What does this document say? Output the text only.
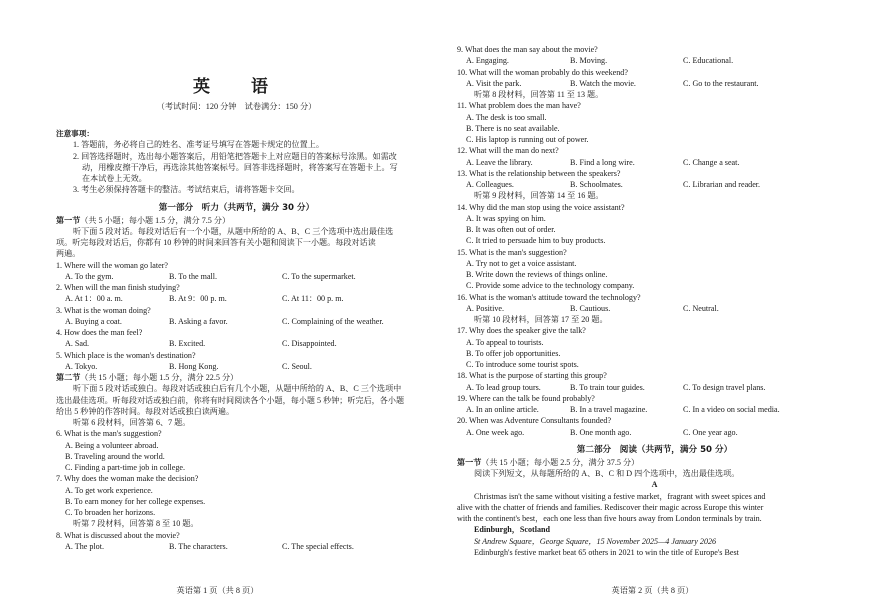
英　语
（考试时间：120 分钟　试卷满分：150 分）
注意事项：
1. 答题前，务必将自己的姓名、准考证号填写在答题卡规定的位置上。
2. 回答选择题时，选出每小题答案后，用铅笔把答题卡上对应题目的答案标号涂黑。如需改
动，用橡皮擦干净后，再选涂其他答案标号。回答非选择题时，将答案写在答题卡上。写
在本试卷上无效。
3. 考生必须保持答题卡的整洁。考试结束后，请将答题卡交回。
第一部分　听力（共两节，满分 30 分）
第一节（共 5 小题；每小题 1.5 分，满分 7.5 分）
听下面 5 段对话。每段对话后有一个小题，从题中所给的 A、B、C 三个选项中选出最佳选
项。听完每段对话后，你都有 10 秒钟的时间来回答有关小题和阅读下一小题。每段对话读
两遍。
1. Where will the woman go later?
A. To the gym.	B. To the mall.	C. To the supermarket.
2. When will the man finish studying?
A. At 1：00 a. m.	B. At 9：00 p. m.	C. At 11：00 p. m.
3. What is the woman doing?
A. Buying a coat.	B. Asking a favor.	C. Complaining of the weather.
4. How does the man feel?
A. Sad.	B. Excited.	C. Disappointed.
5. Which place is the woman's destination?
A. Tokyo.	B. Hong Kong.	C. Seoul.
第二节（共 15 小题；每小题 1.5 分，满分 22.5 分）
听下面 5 段对话或独白。每段对话或独白后有几个小题，从题中所给的 A、B、C 三个选项中
选出最佳选项。听每段对话或独白前，你将有时间阅读各个小题，每小题 5 秒钟；听完后，各小题
给出 5 秒钟的作答时间。每段对话或独白读两遍。
听第 6 段材料，回答第 6、7 题。
6. What is the man's suggestion?
A. Being a volunteer abroad.
B. Traveling around the world.
C. Finding a part-time job in college.
7. Why does the woman make the decision?
A. To get work experience.
B. To earn money for her college expenses.
C. To broaden her horizons.
听第 7 段材料，回答第 8 至 10 题。
8. What is discussed about the movie?
A. The plot.	B. The characters.	C. The special effects.
英语第 1 页（共 8 页）
9. What does the man say about the movie?
A. Engaging.	B. Moving.	C. Educational.
10. What will the woman probably do this weekend?
A. Visit the park.	B. Watch the movie.	C. Go to the restaurant.
听第 8 段材料，回答第 11 至 13 题。
11. What problem does the man have?
A. The desk is too small.
B. There is no seat available.
C. His laptop is running out of power.
12. What will the man do next?
A. Leave the library.	B. Find a long wire.	C. Change a seat.
13. What is the relationship between the speakers?
A. Colleagues.	B. Schoolmates.	C. Librarian and reader.
听第 9 段材料，回答第 14 至 16 题。
14. Why did the man stop using the voice assistant?
A. It was spying on him.
B. It was often out of order.
C. It tried to persuade him to buy products.
15. What is the man's suggestion?
A. Try not to get a voice assistant.
B. Write down the reviews of things online.
C. Provide some advice to the technology company.
16. What is the woman's attitude toward the technology?
A. Positive.	B. Cautious.	C. Neutral.
听第 10 段材料，回答第 17 至 20 题。
17. Why does the speaker give the talk?
A. To appeal to tourists.
B. To offer job opportunities.
C. To introduce some tourist spots.
18. What is the purpose of starting this group?
A. To lead group tours.	B. To train tour guides.	C. To design travel plans.
19. Where can the talk be found probably?
A. In an online article.	B. In a travel magazine.	C. In a video on social media.
20. When was Adventure Consultants founded?
A. One week ago.	B. One month ago.	C. One year ago.
第二部分　阅读（共两节，满分 50 分）
第一节（共 15 小题；每小题 2.5 分，满分 37.5 分）
阅读下列短文，从每题所给的 A、B、C 和 D 四个选项中，选出最佳选项。
A
Christmas isn't the same without visiting a festive market，fragrant with sweet spices and
alive with the chatter of friends and families. Rediscover their magic across Europe this winter
with the continent's best，each one less than five hours away from London terminals by train.
Edinburgh，Scotland
St Andrew Square，George Square，15 November 2025—4 January 2026
Edinburgh's festive market beat 65 others in 2021 to win the title of Europe's Best
英语第 2 页（共 8 页）
